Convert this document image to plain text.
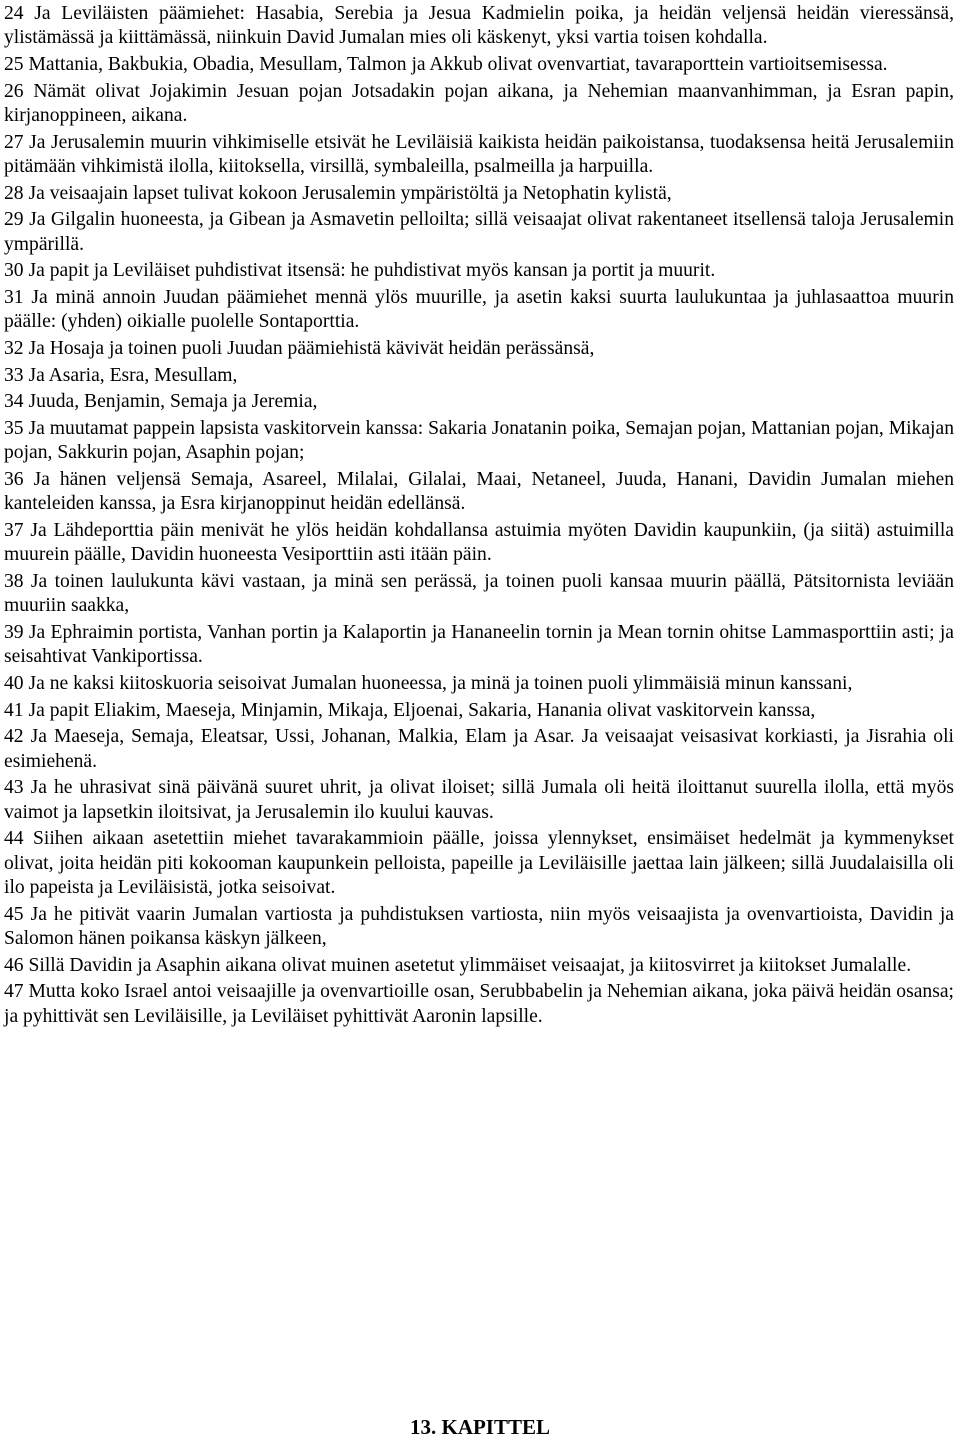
24 Ja Leviläisten päämiehet: Hasabia, Serebia ja Jesua Kadmielin poika, ja heidän veljensä heidän vieressänsä, ylistämässä ja kiittämässä, niinkuin David Jumalan mies oli käskenyt, yksi vartia toisen kohdalla.

25 Mattania, Bakbukia, Obadia, Mesullam, Talmon ja Akkub olivat ovenvartiat, tavaraporttein vartioitsemisessa.

26 Nämät olivat Jojakimin Jesuan pojan Jotsadakin pojan aikana, ja Nehemian maanvanhimman, ja Esran papin, kirjanoppineen, aikana.

27 Ja Jerusalemin muurin vihkimiselle etsivät he Leviläisiä kaikista heidän paikoistansa, tuodaksensa heitä Jerusalemiin pitämään vihkimistä ilolla, kiitoksella, virsillä, symbaleilla, psalmeilla ja harpuilla.

28 Ja veisaajain lapset tulivat kokoon Jerusalemin ympäristöltä ja Netophatin kylistä,

29 Ja Gilgalin huoneesta, ja Gibean ja Asmavetin pelloilta; sillä veisaajat olivat rakentaneet itsellensä taloja Jerusalemin ympärillä.

30 Ja papit ja Leviläiset puhdistivat itsensä: he puhdistivat myös kansan ja portit ja muurit.

31 Ja minä annoin Juudan päämiehet mennä ylös muurille, ja asetin kaksi suurta laulukuntaa ja juhlasaattoa muurin päälle: (yhden) oikialle puolelle Sontaporttia.

32 Ja Hosaja ja toinen puoli Juudan päämiehistä kävivät heidän perässänsä,

33 Ja Asaria, Esra, Mesullam,

34 Juuda, Benjamin, Semaja ja Jeremia,

35 Ja muutamat pappein lapsista vaskitorvein kanssa: Sakaria Jonatanin poika, Semajan pojan, Mattanian pojan, Mikajan pojan, Sakkurin pojan, Asaphin pojan;

36 Ja hänen veljensä Semaja, Asareel, Milalai, Gilalai, Maai, Netaneel, Juuda, Hanani, Davidin Jumalan miehen kanteleiden kanssa, ja Esra kirjanoppinut heidän edellänsä.

37 Ja Lähdeporttia päin menivät he ylös heidän kohdallansa astuimia myöten Davidin kaupunkiin, (ja siitä) astuimilla muurein päälle, Davidin huoneesta Vesiporttiin asti itään päin.

38 Ja toinen laulukunta kävi vastaan, ja minä sen perässä, ja toinen puoli kansaa muurin päällä, Pätsitornista leviään muuriin saakka,

39 Ja Ephraimin portista, Vanhan portin ja Kalaportin ja Hananeelin tornin ja Mean tornin ohitse Lammasporttiin asti; ja seisahtivat Vankiportissa.

40 Ja ne kaksi kiitoskuoria seisoivat Jumalan huoneessa, ja minä ja toinen puoli ylimmäisiä minun kanssani,

41 Ja papit Eliakim, Maeseja, Minjamin, Mikaja, Eljoenai, Sakaria, Hanania olivat vaskitorvein kanssa,

42 Ja Maeseja, Semaja, Eleatsar, Ussi, Johanan, Malkia, Elam ja Asar. Ja veisaajat veisasivat korkiasti, ja Jisrahia oli esimiehenä.

43 Ja he uhrasivat sinä päivänä suuret uhrit, ja olivat iloiset; sillä Jumala oli heitä iloittanut suurella ilolla, että myös vaimot ja lapsetkin iloitsivat, ja Jerusalemin ilo kuului kauvas.

44 Siihen aikaan asetettiin miehet tavarakammioin päälle, joissa ylennykset, ensimäiset hedelmät ja kymmenykset olivat, joita heidän piti kokooman kaupunkein pelloista, papeille ja Leviläisille jaettaa lain jälkeen; sillä Juudalaisilla oli ilo papeista ja Leviläisistä, jotka seisoivat.

45 Ja he pitivät vaarin Jumalan vartiosta ja puhdistuksen vartiosta, niin myös veisaajista ja ovenvartioista, Davidin ja Salomon hänen poikansa käskyn jälkeen,

46 Sillä Davidin ja Asaphin aikana olivat muinen asetetut ylimmäiset veisaajat, ja kiitosvirret ja kiitokset Jumalalle.

47 Mutta koko Israel antoi veisaajille ja ovenvartioille osan, Serubbabelin ja Nehemian aikana, joka päivä heidän osansa; ja pyhittivät sen Leviläisille, ja Leviläiset pyhittivät Aaronin lapsille.

13. KAPITTEL
